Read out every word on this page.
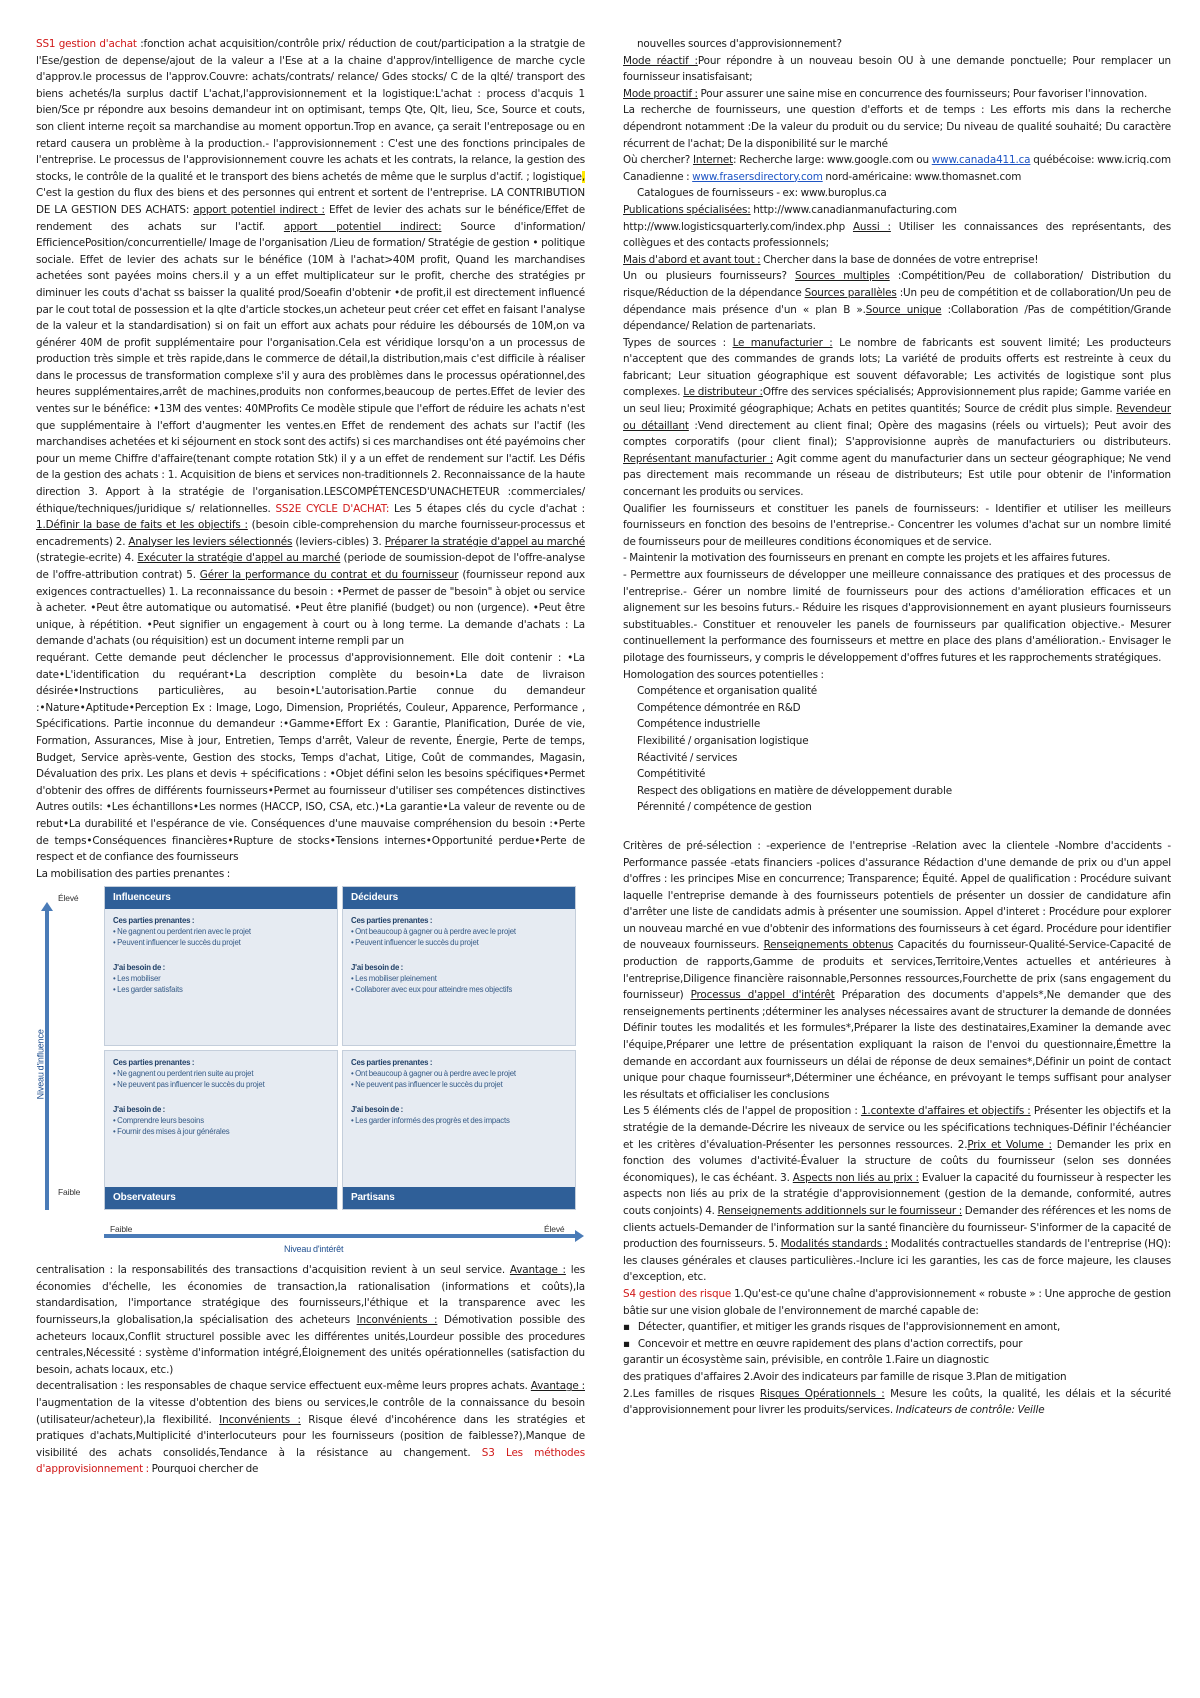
SS1 gestion d'achat :fonction achat acquisition/contrôle prix/ réduction de cout/participation a la stratgie de l'Ese/gestion de depense/ajout de la valeur a l'Ese at a la chaine d'approv/intelligence de marche cycle d'approv.le processus de l'approv.Couvre: achats/contrats/ relance/ Gdes stocks/ C de la qlté/ transport des biens achetés/la surplus dactif L'achat,l'approvisionnement et la logistique:L'achat : process d'acquis 1 bien/Sce pr répondre aux besoins demandeur int on optimisant, temps Qte, Qlt, lieu, Sce, Source et couts, son client interne reçoit sa marchandise au moment opportun.Trop en avance, ça serait l'entreposage ou en retard causera un problème à la production.- l'approvisionnement : C'est une des fonctions principales de l'entreprise. Le processus de l'approvisionnement couvre les achats et les contrats, la relance, la gestion des stocks, le contrôle de la qualité et le transport des biens achetés de même que le surplus d'actif. ; logistique, C'est la gestion du flux des biens et des personnes qui entrent et sortent de l'entreprise. LA CONTRIBUTION DE LA GESTION DES ACHATS: apport potentiel indirect : Effet de levier des achats sur le bénéfice/Effet de rendement des achats sur l'actif. apport potentiel indirect: Source d'information/ EfficiencePosition/concurrentielle/ Image de l'organisation /Lieu de formation/ Stratégie de gestion • politique sociale. Effet de levier des achats sur le bénéfice (10M à l'achat>40M profit, Quand les marchandises achetées sont payées moins chers.il y a un effet multiplicateur sur le profit, cherche des stratégies pr diminuer les couts d'achat ss baisser la qualité prod/Soeafin d'obtenir •de profit,il est directement influencé par le cout total de possession et la qlte d'article stockes,un acheteur peut créer cet effet en faisant l'analyse de la valeur et la standardisation) si on fait un effort aux achats pour réduire les déboursés de 10M,on va générer 40M de profit supplémentaire pour l'organisation.Cela est véridique lorsqu'on a un processus de production très simple et très rapide,dans le commerce de détail,la distribution,mais c'est difficile à réaliser dans le processus de transformation complexe s'il y aura des problèmes dans le processus opérationnel,des heures supplémentaires,arrêt de machines,produits non conformes,beaucoup de pertes.Effet de levier des ventes sur le bénéfice: •13M des ventes: 40MProfits Ce modèle stipule que l'effort de réduire les achats n'est que supplémentaire à l'effort d'augmenter les ventes.en Effet de rendement des achats sur l'actif (les marchandises achetées et ki séjournent en stock sont des actifs) si ces marchandises ont été payémoins cher pour un meme Chiffre d'affaire(tenant compte rotation Stk) il y a un effet de rendement sur l'actif. Les Défis de la gestion des achats : 1. Acquisition de biens et services non-traditionnels 2. Reconnaissance de la haute direction 3. Apport à la stratégie de l'organisation.LESCOMPÉTENCESD'UNACHETEUR :commerciales/éthique/techniques/juridique s/ relationnelles. SS2E CYCLE D'ACHAT: Les 5 étapes clés du cycle d'achat : 1.Définir la base de faits et les objectifs : (besoin cible-comprehension du marche fournisseur-processus et encadrements) 2. Analyser les leviers sélectionnés (leviers-cibles) 3. Préparer la stratégie d'appel au marché (strategie-ecrite) 4. Exécuter la stratégie d'appel au marché (periode de soumission-depot de l'offre-analyse de l'offre-attribution contrat) 5. Gérer la performance du contrat et du fournisseur (fournisseur repond aux exigences contractuelles) 1. La reconnaissance du besoin : •Permet de passer de "besoin" à objet ou service à acheter. •Peut être automatique ou automatisé. •Peut être planifié (budget) ou non (urgence). •Peut être unique, à répétition. •Peut signifier un engagement à court ou à long terme. La demande d'achats : La demande d'achats (ou réquisition) est un document interne rempli par un

requérant. Cette demande peut déclencher le processus d'approvisionnement. Elle doit contenir : •La date•L'identification du requérant•La description complète du besoin•La date de livraison désirée•Instructions particulières, au besoin•L'autorisation.Partie connue du demandeur :•Nature•Aptitude•Perception Ex : Image, Logo, Dimension, Propriétés, Couleur, Apparence, Performance , Spécifications. Partie inconnue du demandeur :•Gamme•Effort Ex : Garantie, Planification, Durée de vie, Formation, Assurances, Mise à jour, Entretien, Temps d'arrêt, Valeur de revente, Énergie, Perte de temps, Budget, Service après-vente, Gestion des stocks, Temps d'achat, Litige, Coût de commandes, Magasin, Dévaluation des prix. Les plans et devis + spécifications : •Objet défini selon les besoins spécifiques•Permet d'obtenir des offres de différents fournisseurs•Permet au fournisseur d'utiliser ses compétences distinctives Autres outils: •Les échantillons•Les normes (HACCP, ISO, CSA, etc.)•La garantie•La valeur de revente ou de rebut•La durabilité et l'espérance de vie. Conséquences d'une mauvaise compréhension du besoin :•Perte de temps•Conséquences financières•Rupture de stocks•Tensions internes•Opportunité perdue•Perte de respect et de confiance des fournisseurs

La mobilisation des parties prenantes :

Niveau d'influence
Élevé
Faible
Influenceurs
Ces parties prenantes :
• Ne gagnent ou perdent rien avec le projet
• Peuvent influencer le succès du projet
J'ai besoin de :
• Les mobiliser
• Les garder satisfaits
Décideurs
Ces parties prenantes :
• Ont beaucoup à gagner ou à perdre avec le projet
• Peuvent influencer le succès du projet
J'ai besoin de :
• Les mobiliser pleinement
• Collaborer avec eux pour atteindre mes objectifs
Ces parties prenantes :
• Ne gagnent ou perdent rien suite au projet
• Ne peuvent pas influencer le succès du projet
J'ai besoin de :
• Comprendre leurs besoins
• Fournir des mises à jour générales
Observateurs
Ces parties prenantes :
• Ont beaucoup à gagner ou à perdre avec le projet
• Ne peuvent pas influencer le succès du projet
J'ai besoin de :
• Les garder informés des progrès et des impacts
Partisans
Faible	Élevé
Niveau d'intérêt

centralisation : la responsabilités des transactions d'acquisition revient à un seul service. Avantage : les économies d'échelle, les économies de transaction,la rationalisation (informations et coûts),la standardisation, l'importance stratégique des fournisseurs,l'éthique et la transparence avec les fournisseurs,la globalisation,la spécialisation des acheteurs Inconvénients : Démotivation possible des acheteurs locaux,Conflit structurel possible avec les différentes unités,Lourdeur possible des procedures centrales,Nécessité : système d'information intégré,Éloignement des unités opérationnelles (satisfaction du besoin, achats locaux, etc.)

decentralisation : les responsables de chaque service effectuent eux-même leurs propres achats. Avantage : l'augmentation de la vitesse d'obtention des biens ou services,le contrôle de la connaissance du besoin (utilisateur/acheteur),la flexibilité. Inconvénients : Risque élevé d'incohérence dans les stratégies et pratiques d'achats,Multiplicité d'interlocuteurs pour les fournisseurs (position de faiblesse?),Manque de visibilité des achats consolidés,Tendance à la résistance au changement. S3 Les méthodes d'approvisionnement : Pourquoi chercher de

nouvelles sources d'approvisionnement?

Mode réactif :Pour répondre à un nouveau besoin OU à une demande ponctuelle; Pour remplacer un fournisseur insatisfaisant;

Mode proactif : Pour assurer une saine mise en concurrence des fournisseurs; Pour favoriser l'innovation.

La recherche de fournisseurs, une question d'efforts et de temps : Les efforts mis dans la recherche dépendront notamment :De la valeur du produit ou du service; Du niveau de qualité souhaité; Du caractère récurrent de l'achat; De la disponibilité sur le marché

Où chercher? Internet: Recherche large: www.google.com ou www.canada411.ca québécoise: www.icriq.com Canadienne : www.frasersdirectory.com nord-américaine: www.thomasnet.com

Catalogues de fournisseurs - ex: www.buroplus.ca

Publications spécialisées: http://www.canadianmanufacturing.com

http://www.logisticsquarterly.com/index.php Aussi : Utiliser les connaissances des représentants, des collègues et des contacts professionnels;

Mais d'abord et avant tout : Chercher dans la base de données de votre entreprise!

Un ou plusieurs fournisseurs? Sources multiples :Compétition/Peu de collaboration/ Distribution du risque/Réduction de la dépendance Sources parallèles :Un peu de compétition et de collaboration/Un peu de dépendance mais présence d'un « plan B ».Source unique :Collaboration /Pas de compétition/Grande dépendance/ Relation de partenariats.

Types de sources : Le manufacturier : Le nombre de fabricants est souvent limité; Les producteurs n'acceptent que des commandes de grands lots; La variété de produits offerts est restreinte à ceux du fabricant; Leur situation géographique est souvent défavorable; Les activités de logistique sont plus complexes. Le distributeur :Offre des services spécialisés; Approvisionnement plus rapide; Gamme variée en un seul lieu; Proximité géographique; Achats en petites quantités; Source de crédit plus simple. Revendeur ou détaillant :Vend directement au client final; Opère des magasins (réels ou virtuels); Peut avoir des comptes corporatifs (pour client final); S'approvisionne auprès de manufacturiers ou distributeurs. Représentant manufacturier : Agit comme agent du manufacturier dans un secteur géographique; Ne vend pas directement mais recommande un réseau de distributeurs; Est utile pour obtenir de l'information concernant les produits ou services.

Qualifier les fournisseurs et constituer les panels de fournisseurs: - Identifier et utiliser les meilleurs fournisseurs en fonction des besoins de l'entreprise.- Concentrer les volumes d'achat sur un nombre limité de fournisseurs pour de meilleures conditions économiques et de service.

- Maintenir la motivation des fournisseurs en prenant en compte les projets et les affaires futures.

- Permettre aux fournisseurs de développer une meilleure connaissance des pratiques et des processus de l'entreprise.- Gérer un nombre limité de fournisseurs pour des actions d'amélioration efficaces et un alignement sur les besoins futurs.- Réduire les risques d'approvisionnement en ayant plusieurs fournisseurs substituables.- Constituer et renouveler les panels de fournisseurs par qualification objective.- Mesurer continuellement la performance des fournisseurs et mettre en place des plans d'amélioration.- Envisager le pilotage des fournisseurs, y compris le développement d'offres futures et les rapprochements stratégiques.

Homologation des sources potentielles :

Compétence et organisation qualité

Compétence démontrée en R&D

Compétence industrielle

Flexibilité / organisation logistique

Réactivité / services

Compétitivité

Respect des obligations en matière de développement durable

Pérennité / compétence de gestion

Critères de pré-sélection : -experience de l'entreprise -Relation avec la clientele -Nombre d'accidents -Performance passée -etats financiers -polices d'assurance Rédaction d'une demande de prix ou d'un appel d'offres : les principes Mise en concurrence; Transparence; Équité. Appel de qualification : Procédure suivant laquelle l'entreprise demande à des fournisseurs potentiels de présenter un dossier de candidature afin d'arrêter une liste de candidats admis à présenter une soumission. Appel d'interet : Procédure pour explorer un nouveau marché en vue d'obtenir des informations des fournisseurs à cet égard. Procédure pour identifier de nouveaux fournisseurs. Renseignements obtenus Capacités du fournisseur-Qualité-Service-Capacité de production de rapports,Gamme de produits et services,Territoire,Ventes actuelles et antérieures à l'entreprise,Diligence financière raisonnable,Personnes ressources,Fourchette de prix (sans engagement du fournisseur) Processus d'appel d'intérêt Préparation des documents d'appels*,Ne demander que des renseignements pertinents ;déterminer les analyses nécessaires avant de structurer la demande de données Définir toutes les modalités et les formules*,Préparer la liste des destinataires,Examiner la demande avec l'équipe,Préparer une lettre de présentation expliquant la raison de l'envoi du questionnaire,Émettre la demande en accordant aux fournisseurs un délai de réponse de deux semaines*,Définir un point de contact unique pour chaque fournisseur*,Déterminer une échéance, en prévoyant le temps suffisant pour analyser les résultats et officialiser les conclusions

Les 5 éléments clés de l'appel de proposition : 1.contexte d'affaires et objectifs : Présenter les objectifs et la stratégie de la demande-Décrire les niveaux de service ou les spécifications techniques-Définir l'échéancier et les critères d'évaluation-Présenter les personnes ressources. 2.Prix et Volume : Demander les prix en fonction des volumes d'activité-Évaluer la structure de coûts du fournisseur (selon ses données économiques), le cas échéant. 3. Aspects non liés au prix : Evaluer la capacité du fournisseur à respecter les aspects non liés au prix de la stratégie d'approvisionnement (gestion de la demande, conformité, autres couts conjoints) 4. Renseignements additionnels sur le fournisseur : Demander des références et les noms de clients actuels-Demander de l'information sur la santé financière du fournisseur- S'informer de la capacité de production des fournisseurs. 5. Modalités standards : Modalités contractuelles standards de l'entreprise (HQ): les clauses générales et clauses particulières.-Inclure ici les garanties, les cas de force majeure, les clauses d'exception, etc.

S4 gestion des risque 1.Qu'est-ce qu'une chaîne d'approvisionnement « robuste » : Une approche de gestion bâtie sur une vision globale de l'environnement de marché capable de:

▪   Détecter, quantifier, et mitiger les grands risques de l'approvisionnement en amont,

▪   Concevoir et mettre en œuvre rapidement des plans d'action correctifs, pour

garantir un écosystème sain, prévisible, en contrôle 1.Faire un diagnostic

des pratiques d'affaires 2.Avoir des indicateurs par famille de risque 3.Plan de mitigation

2.Les familles de risques Risques Opérationnels : Mesure les coûts, la qualité, les délais et la sécurité d'approvisionnement pour livrer les produits/services. Indicateurs de contrôle: Veille
